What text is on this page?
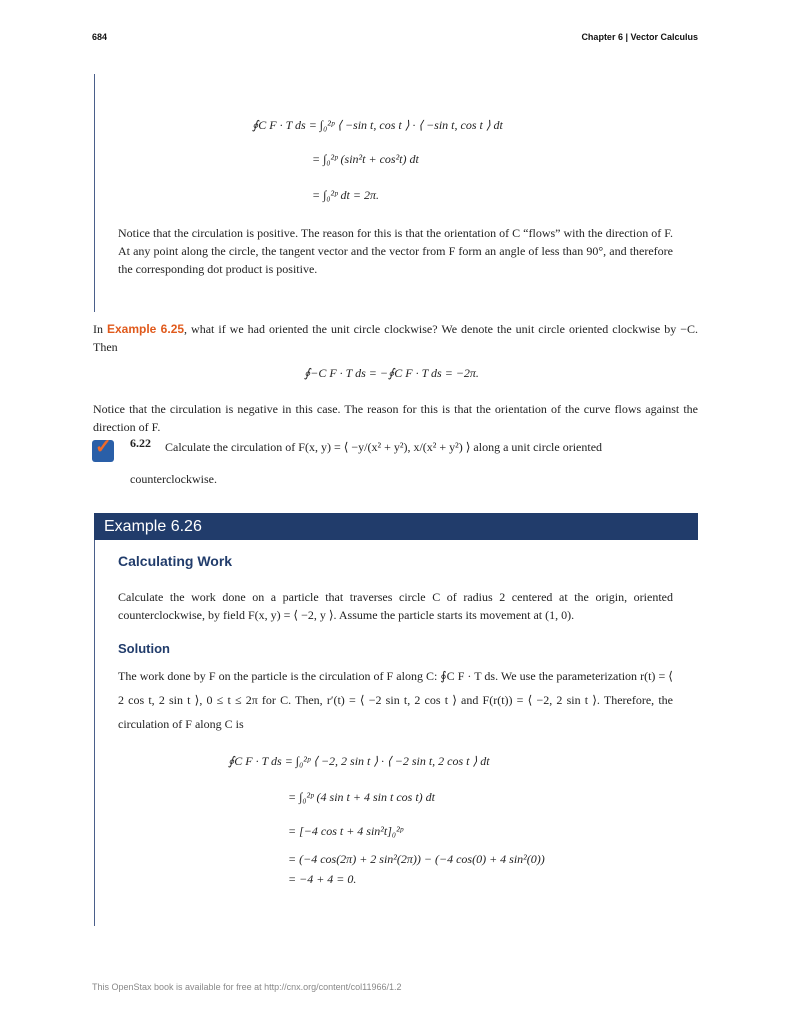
684	Chapter 6 | Vector Calculus
∮C F · T ds = ∫₀²ᵖ ⟨ −sin t, cos t ⟩ · ⟨ −sin t, cos t ⟩ dt
= ∫₀²ᵖ (sin²t + cos²t) dt
= ∫₀²ᵖ dt = 2π.
Notice that the circulation is positive. The reason for this is that the orientation of C “flows” with the direction of F. At any point along the circle, the tangent vector and the vector from F form an angle of less than 90°, and therefore the corresponding dot product is positive.
In Example 6.25, what if we had oriented the unit circle clockwise? We denote the unit circle oriented clockwise by −C. Then
∮−C F · T ds = −∮C F · T ds = −2π.
Notice that the circulation is negative in this case. The reason for this is that the orientation of the curve flows against the direction of F.
✓ 6.22 Calculate the circulation of F(x, y) = ⟨ −y/(x² + y²), x/(x² + y²) ⟩ along a unit circle oriented
counterclockwise.
Example 6.26
Calculating Work
Calculate the work done on a particle that traverses circle C of radius 2 centered at the origin, oriented counterclockwise, by field F(x, y) = ⟨ −2, y ⟩. Assume the particle starts its movement at (1, 0).
Solution
The work done by F on the particle is the circulation of F along C: ∮C F · T ds. We use the parameterization r(t) = ⟨ 2 cos t, 2 sin t ⟩, 0 ≤ t ≤ 2π for C. Then, r′(t) = ⟨ −2 sin t, 2 cos t ⟩ and F(r(t)) = ⟨ −2, 2 sin t ⟩. Therefore, the circulation of F along C is
∮C F · T ds = ∫₀²ᵖ ⟨ −2, 2 sin t ⟩ · ⟨ −2 sin t, 2 cos t ⟩ dt
= ∫₀²ᵖ (4 sin t + 4 sin t cos t) dt
= [−4 cos t + 4 sin²t]₀²ᵖ
= (−4 cos(2π) + 2 sin²(2π)) − (−4 cos(0) + 4 sin²(0))
= −4 + 4 = 0.
This OpenStax book is available for free at http://cnx.org/content/col11966/1.2
